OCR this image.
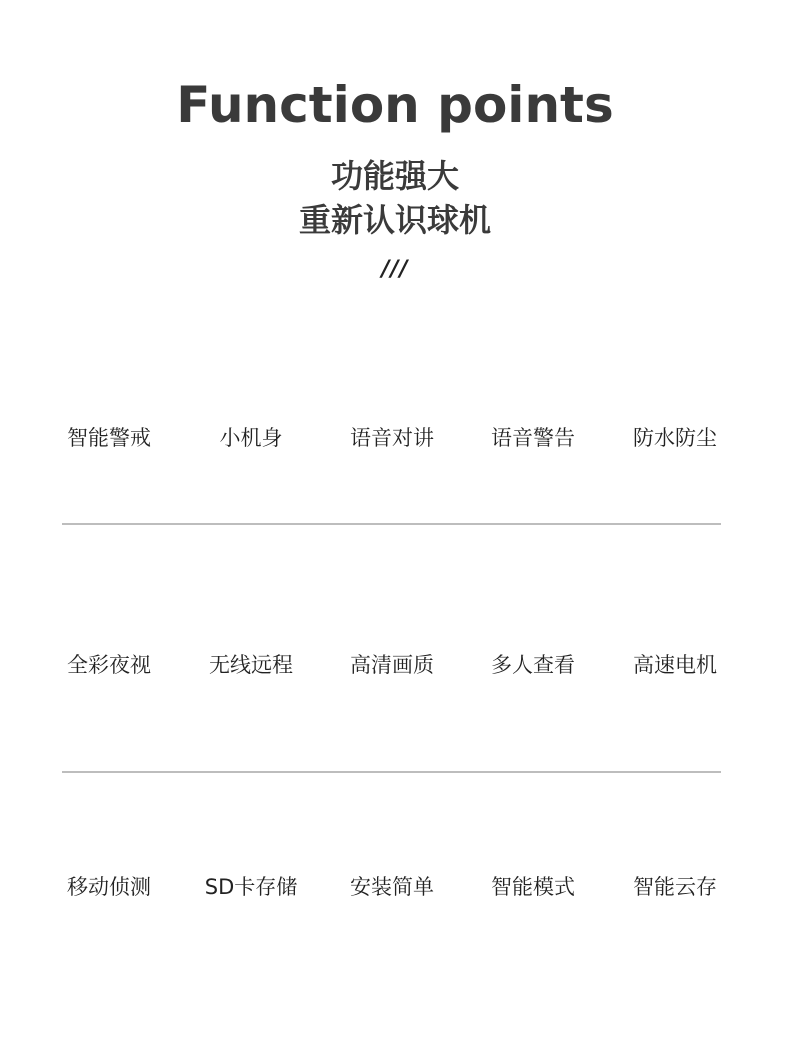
Function points
功能强大
重新认识球机
///
智能警戒	小机身	语音对讲	语音警告	防水防尘
全彩夜视	无线远程	高清画质	多人查看	高速电机
移动侦测	SD卡存储	安装简单	智能模式	智能云存
